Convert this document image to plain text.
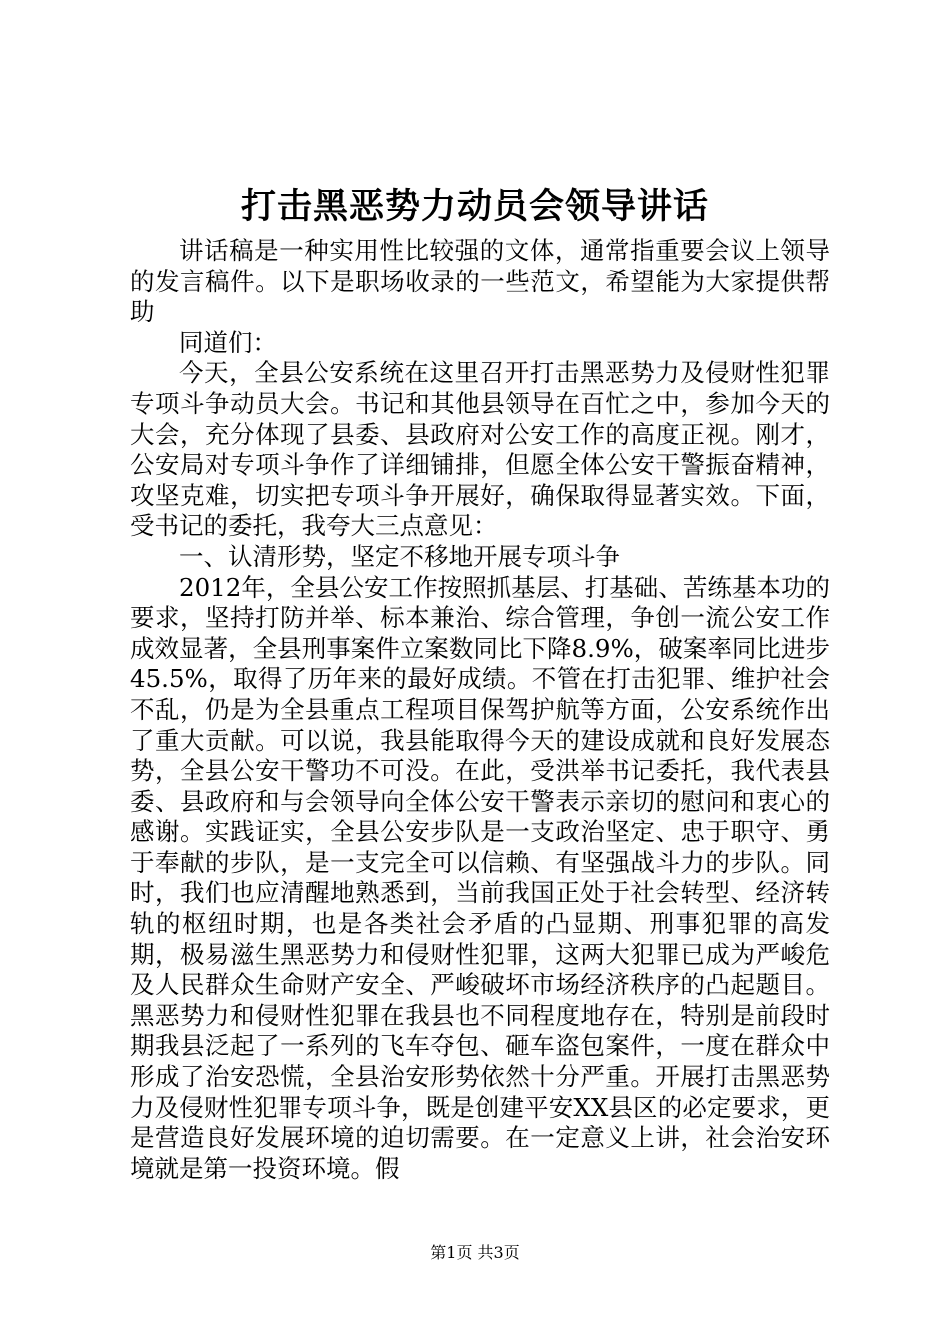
打击黑恶势力动员会领导讲话

讲话稿是一种实用性比较强的文体，通常指重要会议上领导的发言稿件。以下是职场收录的一些范文，希望能为大家提供帮助

同道们：

今天，全县公安系统在这里召开打击黑恶势力及侵财性犯罪专项斗争动员大会。书记和其他县领导在百忙之中，参加今天的大会，充分体现了县委、县政府对公安工作的高度正视。刚才，公安局对专项斗争作了详细铺排，但愿全体公安干警振奋精神，攻坚克难，切实把专项斗争开展好，确保取得显著实效。下面，受书记的委托，我夸大三点意见：

一、认清形势，坚定不移地开展专项斗争

2012年，全县公安工作按照抓基层、打基础、苦练基本功的要求，坚持打防并举、标本兼治、综合管理，争创一流公安工作成效显著，全县刑事案件立案数同比下降8.9%，破案率同比进步45.5%，取得了历年来的最好成绩。不管在打击犯罪、维护社会不乱，仍是为全县重点工程项目保驾护航等方面，公安系统作出了重大贡献。可以说，我县能取得今天的建设成就和良好发展态势，全县公安干警功不可没。在此，受洪举书记委托，我代表县委、县政府和与会领导向全体公安干警表示亲切的慰问和衷心的感谢。实践证实，全县公安步队是一支政治坚定、忠于职守、勇于奉献的步队，是一支完全可以信赖、有坚强战斗力的步队。同时，我们也应清醒地熟悉到，当前我国正处于社会转型、经济转轨的枢纽时期，也是各类社会矛盾的凸显期、刑事犯罪的高发期，极易滋生黑恶势力和侵财性犯罪，这两大犯罪已成为严峻危及人民群众生命财产安全、严峻破坏市场经济秩序的凸起题目。黑恶势力和侵财性犯罪在我县也不同程度地存在，特别是前段时期我县泛起了一系列的飞车夺包、砸车盗包案件，一度在群众中形成了治安恐慌，全县治安形势依然十分严重。开展打击黑恶势力及侵财性犯罪专项斗争，既是创建平安XX县区的必定要求，更是营造良好发展环境的迫切需要。在一定意义上讲，社会治安环境就是第一投资环境。假

第1页 共3页
